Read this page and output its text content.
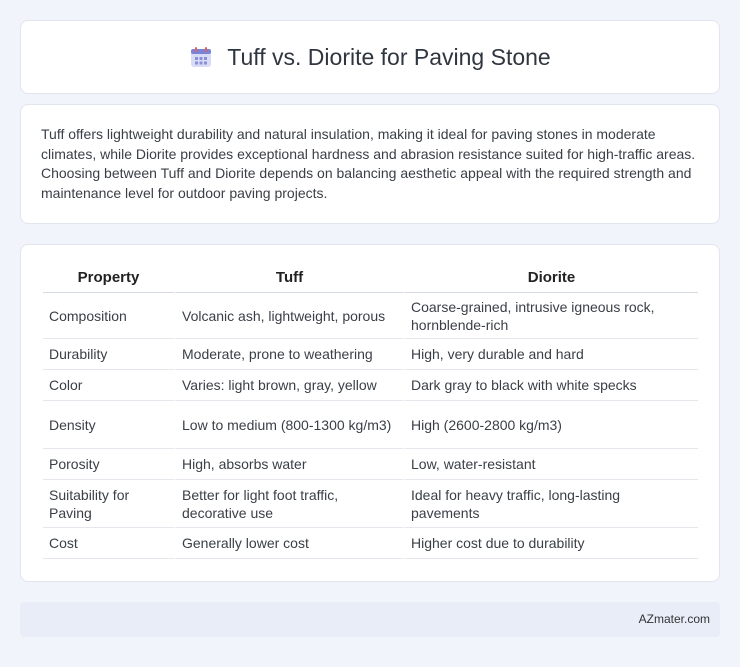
Tuff vs. Diorite for Paving Stone

Tuff offers lightweight durability and natural insulation, making it ideal for paving stones in moderate climates, while Diorite provides exceptional hardness and abrasion resistance suited for high-traffic areas. Choosing between Tuff and Diorite depends on balancing aesthetic appeal with the required strength and maintenance level for outdoor paving projects.

Property	Tuff	Diorite
Composition	Volcanic ash, lightweight, porous	Coarse-grained, intrusive igneous rock, hornblende-rich
Durability	Moderate, prone to weathering	High, very durable and hard
Color	Varies: light brown, gray, yellow	Dark gray to black with white specks
Density	Low to medium (800-1300 kg/m3)	High (2600-2800 kg/m3)
Porosity	High, absorbs water	Low, water-resistant
Suitability for Paving	Better for light foot traffic, decorative use	Ideal for heavy traffic, long-lasting pavements
Cost	Generally lower cost	Higher cost due to durability
AZmater.com
